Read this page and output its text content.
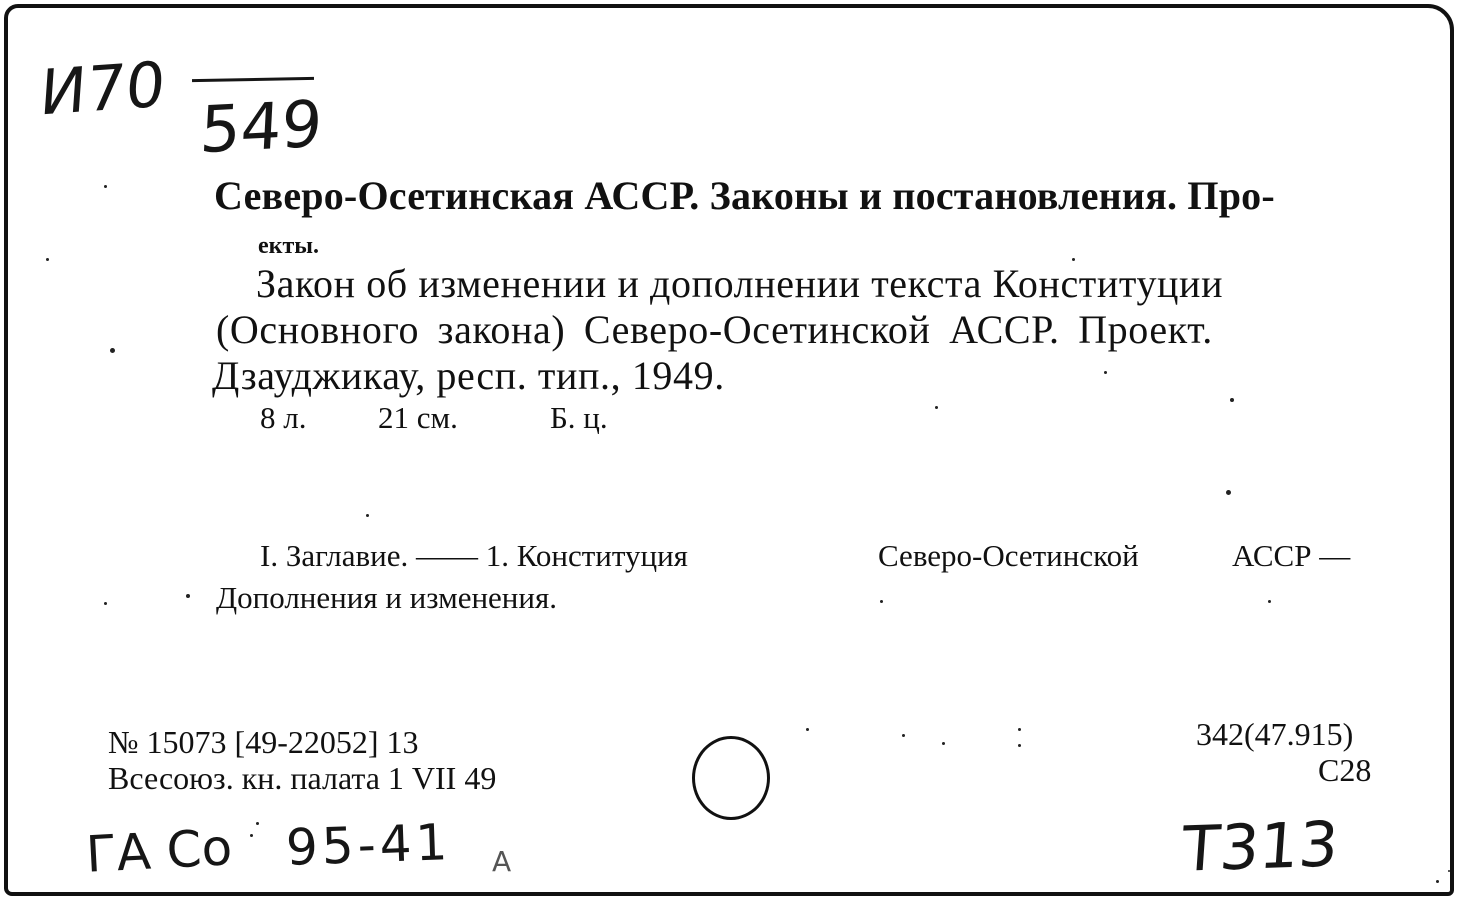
И70 549
Северо-Осетинская АССР. Законы и постановления. Про-
екты.
Закон об изменении и дополнении текста Конституции
(Основного закона) Северо-Осетинской АССР. Проект.
Дзауджикау, респ. тип., 1949.
8 л. 21 см.	Б. ц.
I. Заглавие. —— 1. Конституция	Северо-Осетинской	АССР —
Дополнения и изменения.
№ 15073 [49-22052] 13
Всесоюз. кн. палата 1 VII 49
342(47.915)
С28
ГА Со 95-41 А	Т313
